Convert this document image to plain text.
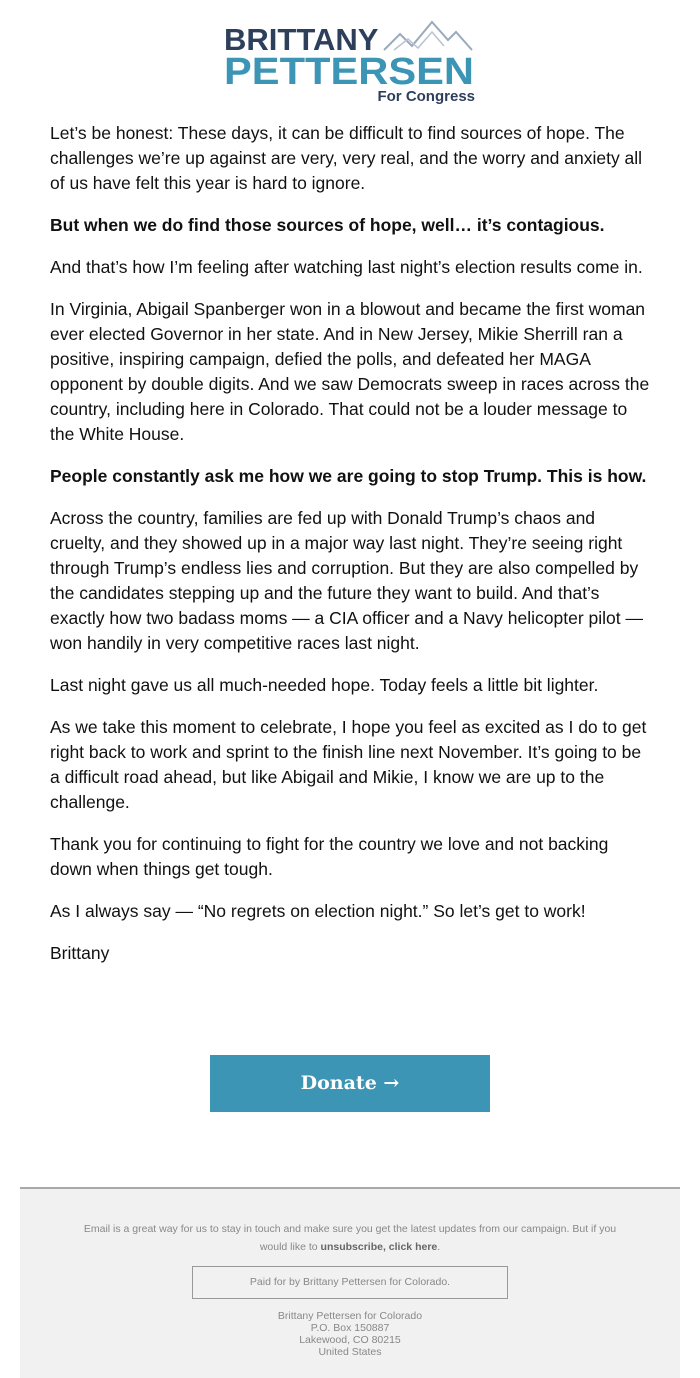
BRITTANY
PETTERSEN
For Congress

Let’s be honest: These days, it can be difficult to find sources of hope. The challenges we’re up against are very, very real, and the worry and anxiety all of us have felt this year is hard to ignore.

But when we do find those sources of hope, well… it’s contagious.

And that’s how I’m feeling after watching last night’s election results come in.

In Virginia, Abigail Spanberger won in a blowout and became the first woman ever elected Governor in her state. And in New Jersey, Mikie Sherrill ran a positive, inspiring campaign, defied the polls, and defeated her MAGA opponent by double digits. And we saw Democrats sweep in races across the country, including here in Colorado. That could not be a louder message to the White House.

People constantly ask me how we are going to stop Trump. This is how.

Across the country, families are fed up with Donald Trump’s chaos and cruelty, and they showed up in a major way last night. They’re seeing right through Trump’s endless lies and corruption. But they are also compelled by the candidates stepping up and the future they want to build. And that’s exactly how two badass moms — a CIA officer and a Navy helicopter pilot — won handily in very competitive races last night.

Last night gave us all much-needed hope. Today feels a little bit lighter.

As we take this moment to celebrate, I hope you feel as excited as I do to get right back to work and sprint to the finish line next November. It’s going to be a difficult road ahead, but like Abigail and Mikie, I know we are up to the challenge.

Thank you for continuing to fight for the country we love and not backing down when things get tough.

As I always say — “No regrets on election night.” So let’s get to work!

Brittany

Donate →

Email is a great way for us to stay in touch and make sure you get the latest updates from our campaign. But if you would like to unsubscribe, click here.

Paid for by Brittany Pettersen for Colorado.
Brittany Pettersen for Colorado
P.O. Box 150887
Lakewood, CO 80215
United States
